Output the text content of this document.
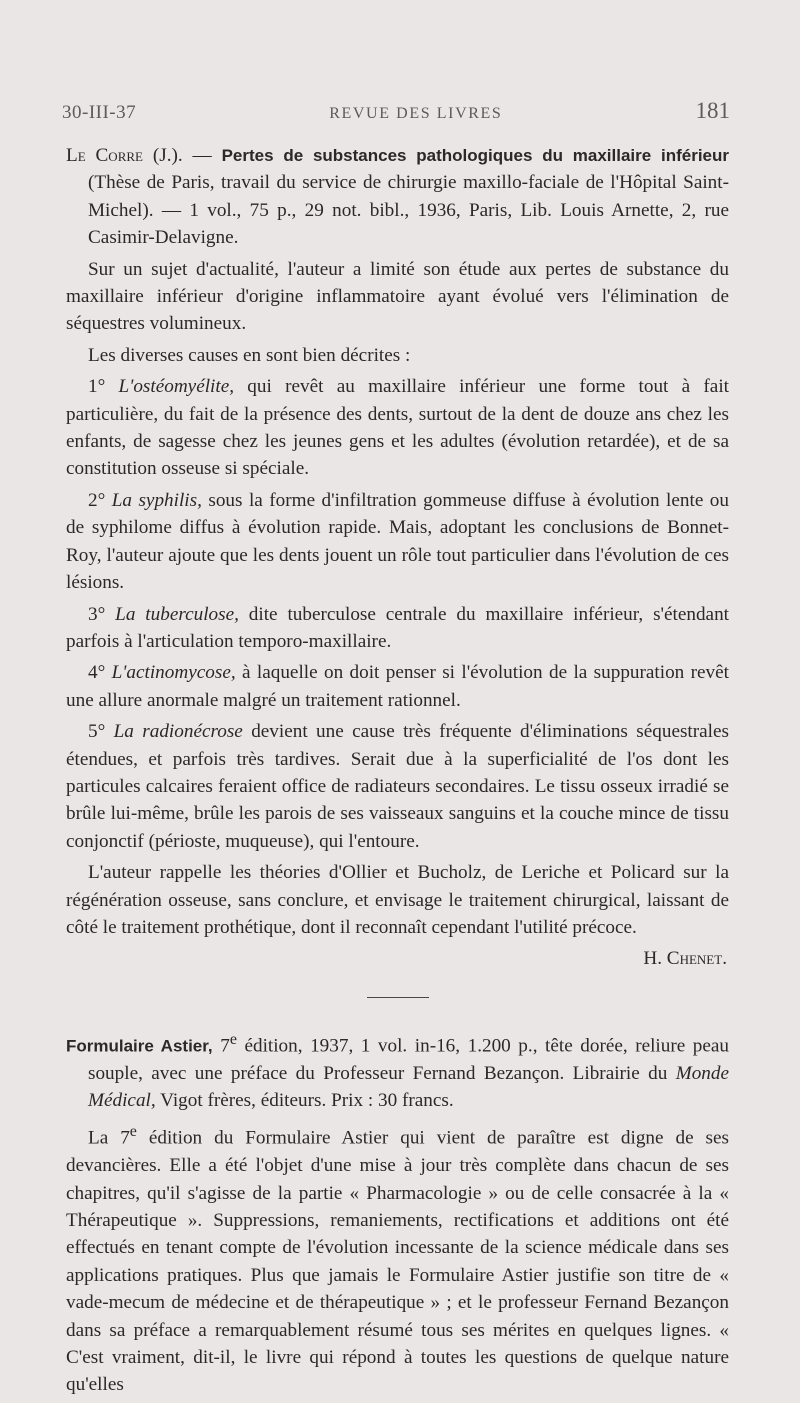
30-III-37	REVUE DES LIVRES	181

Le Corre (J.). — Pertes de substances pathologiques du maxillaire inférieur (Thèse de Paris, travail du service de chirurgie maxillo-faciale de l'Hôpital Saint-Michel). — 1 vol., 75 p., 29 not. bibl., 1936, Paris, Lib. Louis Arnette, 2, rue Casimir-Delavigne.

Sur un sujet d'actualité, l'auteur a limité son étude aux pertes de substance du maxillaire inférieur d'origine inflammatoire ayant évolué vers l'élimination de séquestres volumineux.

Les diverses causes en sont bien décrites :

1° L'ostéomyélite, qui revêt au maxillaire inférieur une forme tout à fait particulière, du fait de la présence des dents, surtout de la dent de douze ans chez les enfants, de sagesse chez les jeunes gens et les adultes (évolution retardée), et de sa constitution osseuse si spéciale.

2° La syphilis, sous la forme d'infiltration gommeuse diffuse à évolution lente ou de syphilome diffus à évolution rapide. Mais, adoptant les conclusions de Bonnet-Roy, l'auteur ajoute que les dents jouent un rôle tout particulier dans l'évolution de ces lésions.

3° La tuberculose, dite tuberculose centrale du maxillaire inférieur, s'étendant parfois à l'articulation temporo-maxillaire.

4° L'actinomycose, à laquelle on doit penser si l'évolution de la suppuration revêt une allure anormale malgré un traitement rationnel.

5° La radionécrose devient une cause très fréquente d'éliminations séquestrales étendues, et parfois très tardives. Serait due à la superficialité de l'os dont les particules calcaires feraient office de radiateurs secondaires. Le tissu osseux irradié se brûle lui-même, brûle les parois de ses vaisseaux sanguins et la couche mince de tissu conjonctif (périoste, muqueuse), qui l'entoure.

L'auteur rappelle les théories d'Ollier et Bucholz, de Leriche et Policard sur la régénération osseuse, sans conclure, et envisage le traitement chirurgical, laissant de côté le traitement prothétique, dont il reconnaît cependant l'utilité précoce.

H. Chenet.

Formulaire Astier, 7e édition, 1937, 1 vol. in-16, 1.200 p., tête dorée, reliure peau souple, avec une préface du Professeur Fernand Bezançon. Librairie du Monde Médical, Vigot frères, éditeurs. Prix : 30 francs.

La 7e édition du Formulaire Astier qui vient de paraître est digne de ses devancières. Elle a été l'objet d'une mise à jour très complète dans chacun de ses chapitres, qu'il s'agisse de la partie « Pharmacologie » ou de celle consacrée à la « Thérapeutique ». Suppressions, remaniements, rectifications et additions ont été effectués en tenant compte de l'évolution incessante de la science médicale dans ses applications pratiques. Plus que jamais le Formulaire Astier justifie son titre de « vade-mecum de médecine et de thérapeutique » ; et le professeur Fernand Bezançon dans sa préface a remarquablement résumé tous ses mérites en quelques lignes. « C'est vraiment, dit-il, le livre qui répond à toutes les questions de quelque nature qu'elles
